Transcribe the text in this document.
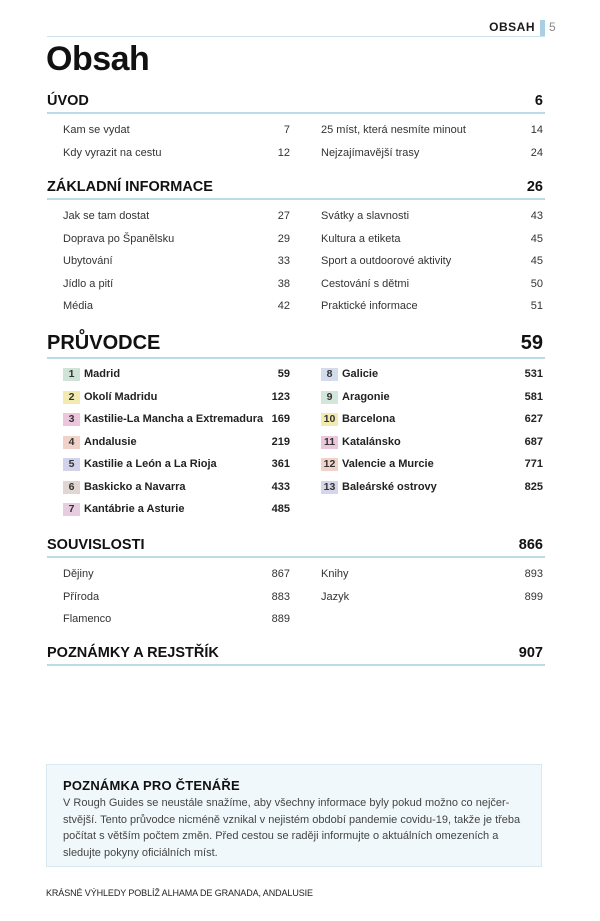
OBSAH 5
Obsah
ÚVOD	6
Kam se vydat	7
Kdy vyrazit na cestu	12
25 míst, která nesmíte minout	14
Nejzajímavější trasy	24
ZÁKLADNÍ INFORMACE	26
Jak se tam dostat	27
Doprava po Španělsku	29
Ubytování	33
Jídlo a pití	38
Média	42
Svátky a slavnosti	43
Kultura a etiketa	45
Sport a outdoorové aktivity	45
Cestování s dětmi	50
Praktické informace	51
PRŮVODCE	59
1 Madrid	59
2 Okolí Madridu	123
3 Kastilie-La Mancha a Extremadura 169
4 Andalusie	219
5 Kastilie a León a La Rioja	361
6 Baskicko a Navarra	433
7 Kantábrie a Asturie	485
8 Galicie	531
9 Aragonie	581
10 Barcelona	627
11 Katalánsko	687
12 Valencie a Murcie	771
13 Baleárské ostrovy	825
SOUVISLOSTI	866
Dějiny	867
Příroda	883
Flamenco	889
Knihy	893
Jazyk	899
POZNÁMKY A REJSTŘÍK	907
POZNÁMKA PRO ČTENÁŘE
V Rough Guides se neustále snažíme, aby všechny informace byly pokud možno co nejčer-stvější. Tento průvodce nicméně vznikal v nejistém období pandemie covidu-19, takže je třeba počítat s větším počtem změn. Před cestou se raději informujte o aktuálních omezeních a sledujte pokyny oficiálních míst.
KRÁSNÉ VÝHLEDY POBLÍŽ ALHAMA DE GRANADA, ANDALUSIE
